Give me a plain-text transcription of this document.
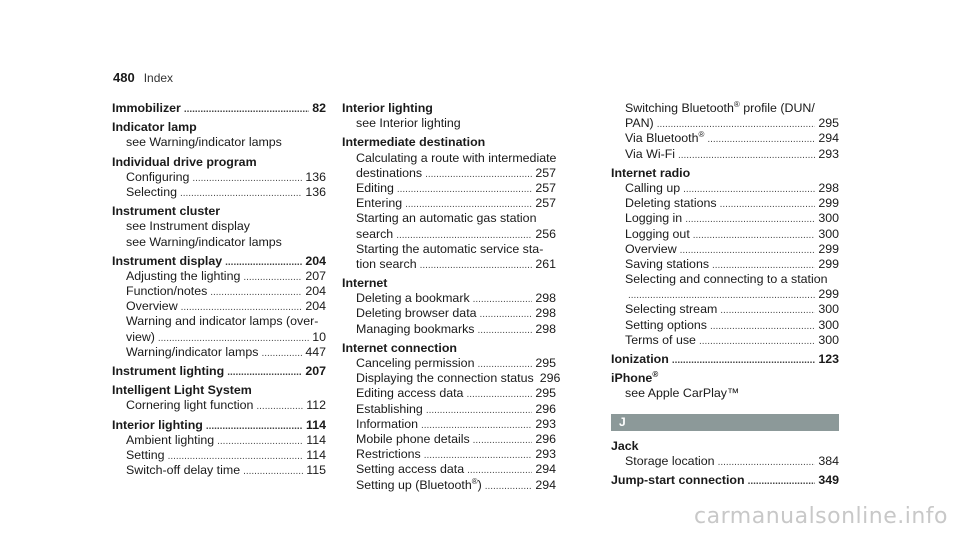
480 Index
Immobilizer . . .	82
Indicator lamp
see Warning/indicator lamps
Individual drive program
Configuring . . .	136
Selecting . . .	136
Instrument cluster
see Instrument display
see Warning/indicator lamps
Instrument display . . .	204
Adjusting the lighting . . .	207
Function/notes . . .	204
Overview . . .	204
Warning and indicator lamps (over-
view) . . .	10
Warning/indicator lamps . . .	447
Instrument lighting . . .	207
Intelligent Light System
Cornering light function . . .	112
Interior lighting . . .	114
Ambient lighting . . .	114
Setting . . .	114
Switch-off delay time . . .	115
Interior lighting
see Interior lighting
Intermediate destination
Calculating a route with intermediate
destinations . . .	257
Editing . . .	257
Entering . . .	257
Starting an automatic gas station
search . . .	256
Starting the automatic service sta-
tion search . . .	261
Internet
Deleting a bookmark . . .	298
Deleting browser data . . .	298
Managing bookmarks . . .	298
Internet connection
Canceling permission . . .	295
Displaying the connection status 296
Editing access data . . .	295
Establishing . . .	296
Information . . .	293
Mobile phone details . . .	296
Restrictions . . .	293
Setting access data . . .	294
Setting up (Bluetooth®) . . .	294
Switching Bluetooth® profile (DUN/
PAN) . . .	295
Via Bluetooth® . . .	294
Via Wi-Fi . . .	293
Internet radio
Calling up . . .	298
Deleting stations . . .	299
Logging in . . .	300
Logging out . . .	300
Overview . . .	299
Saving stations . . .	299
Selecting and connecting to a station
. . .
299
Selecting stream . . .	300
Setting options . . .	300
Terms of use . . .	300
Ionization . . .	123
iPhone®
see Apple CarPlay™
J
Jack
Storage location . . .	384
Jump-start connection . . .	349
carmanualsonline.info
